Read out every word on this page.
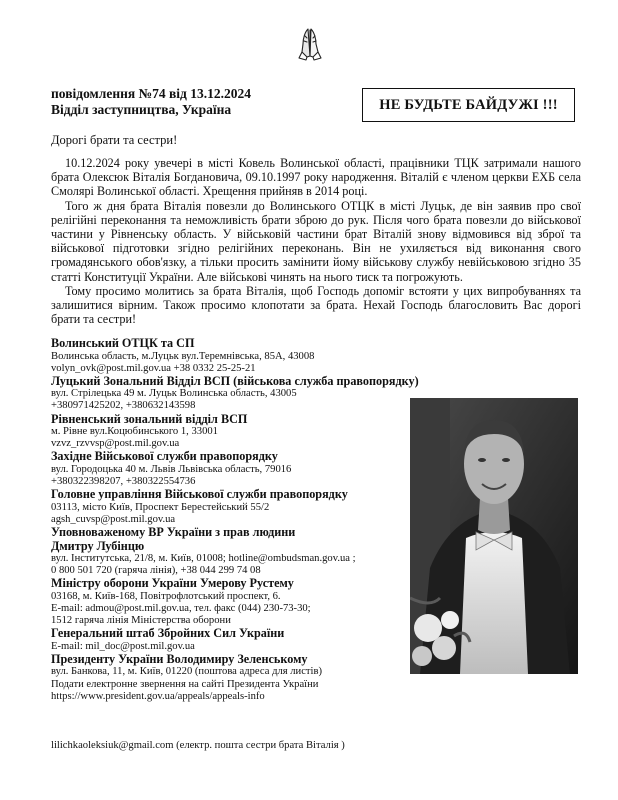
повідомлення №74 від 13.12.2024
Відділ заступництва, Україна	НЕ БУДЬТЕ БАЙДУЖІ !!!
Дорогі брати та сестри!

10.12.2024 року увечері в місті Ковель Волинської області, працівники ТЦК затримали нашого брата Олексюк Віталія Богдановича, 09.10.1997 року народження. Віталій є членом церкви ЕХБ села Смолярі Волинської області. Хрещення прийняв в 2014 році.

Того ж дня брата Віталія повезли до Волинського ОТЦК в місті Луцьк, де він заявив про свої релігійні переконання та неможливість брати зброю до рук. Після чого брата повезли до військової частини у Рівненську область. У військовій частини брат Віталій знову відмовився від зброї та військової підготовки згідно релігійних переконань. Він не ухиляється від виконання свого громадянського обов'язку, а тільки просить замінити йому військову службу невійськовою згідно 35 статті Конституції України. Але військові чинять на нього тиск та погрожують.

Тому просимо молитись за брата Віталія, щоб Господь допоміг встояти у цих випробуваннях та залишитися вірним. Також просимо клопотати за брата. Нехай Господь благословить Вас дорогі брати та сестри!

Волинський ОТЦК та СП
Волинська область, м.Луцьк вул.Теремнівська, 85А, 43008
volyn_ovk@post.mil.gov.ua +38 0332 25-25-21
Луцький Зональний Відділ ВСП (військова служба правопорядку)
вул. Стрілецька 49 м. Луцьк Волинська область, 43005
+380971425202, +380632143598
Рівненський зональний відділ ВСП
м. Рівне вул.Коцюбинського 1, 33001
vzvz_rzvvsp@post.mil.gov.ua
Західне Військової служби правопорядку
вул. Городоцька 40 м. Львів Львівська область, 79016
+380322398207, +380322554736
Головне управління Військової служби правопорядку
03113, місто Київ, Проспект Берестейський 55/2
agsh_cuvsp@post.mil.gov.ua
Уповноваженому ВР України з прав людини
Дмитру Лубінцю
вул. Інститутська, 21/8, м. Київ, 01008; hotline@ombudsman.gov.ua ;
0 800 501 720 (гаряча лінія), +38 044 299 74 08
Міністру оборони України Умерову Рустему
03168, м. Київ-168, Повітрофлотський проспект, 6.
E-mail: admou@post.mil.gov.ua, тел. факс (044) 230-73-30;
1512 гаряча лінія Міністерства оборони
Генеральний штаб Збройних Сил України
E-mail: mil_doc@post.mil.gov.ua
Президенту України Володимиру Зеленському
вул. Банкова, 11, м. Київ, 01220 (поштова адреса для листів)
Подати електронне звернення на сайті Президента України
https://www.president.gov.ua/appeals/appeals-info
lilichkaoleksiuk@gmail.com (електр. пошта сестри брата Віталія )
